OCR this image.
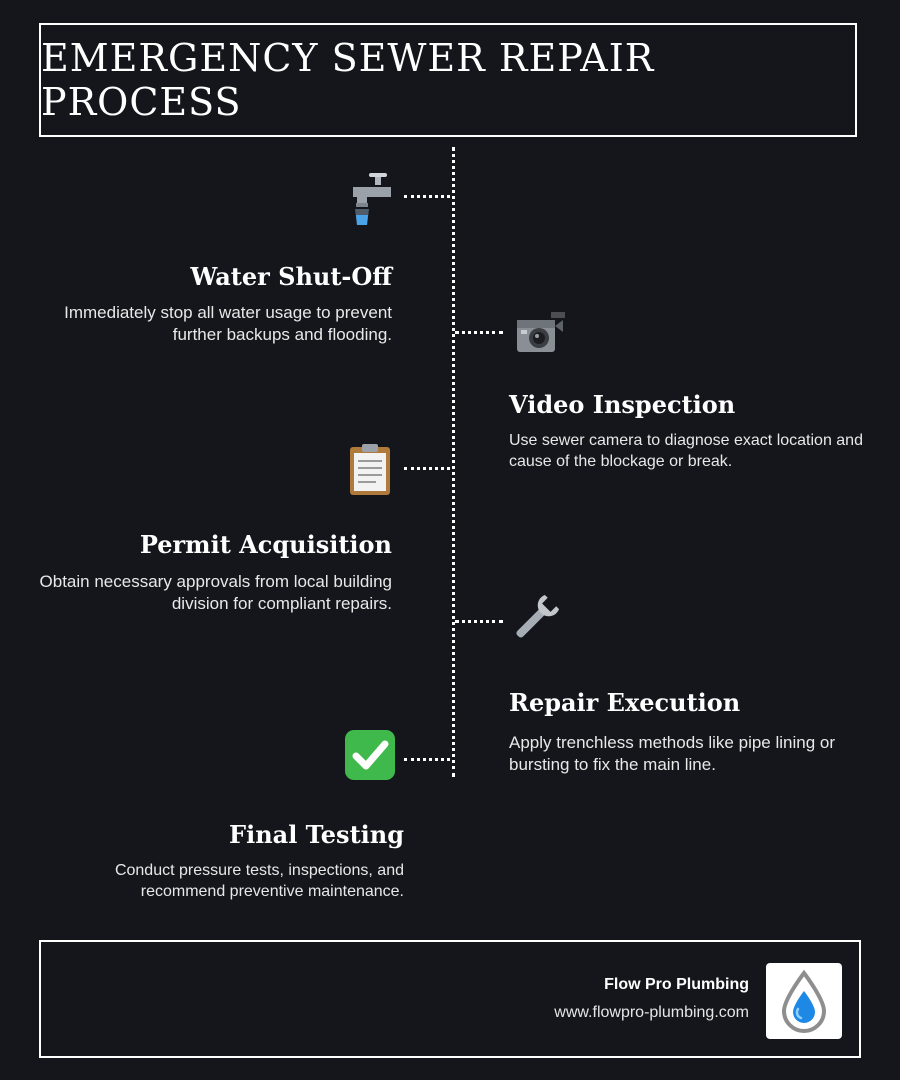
EMERGENCY SEWER REPAIR PROCESS
Water Shut-Off

Immediately stop all water usage to prevent further backups and flooding.

Video Inspection

Use sewer camera to diagnose exact location and cause of the blockage or break.

Permit Acquisition

Obtain necessary approvals from local building division for compliant repairs.

Repair Execution

Apply trenchless methods like pipe lining or bursting to fix the main line.

Final Testing

Conduct pressure tests, inspections, and recommend preventive maintenance.

Flow Pro Plumbing
www.flowpro-plumbing.com
